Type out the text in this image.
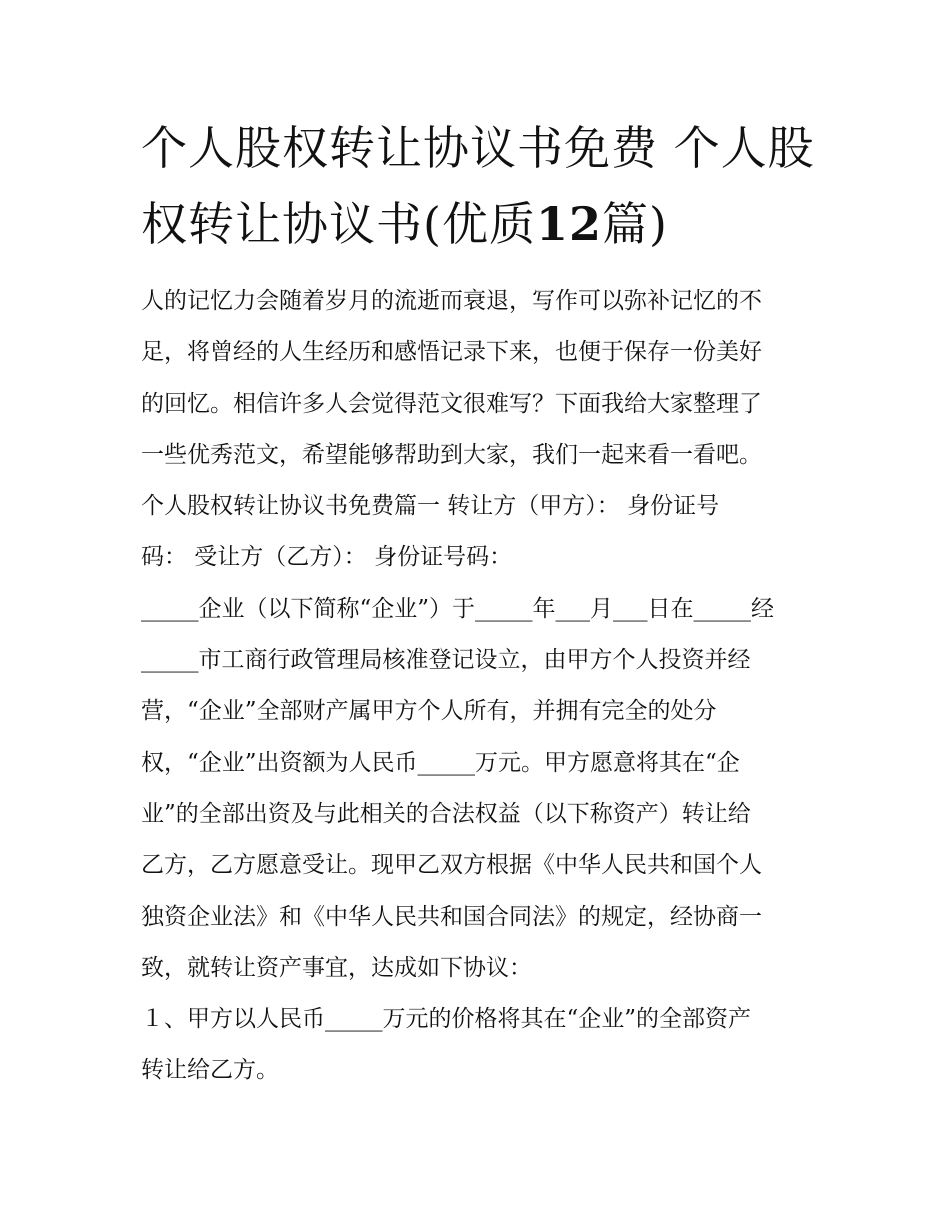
个人股权转让协议书免费 个人股权转让协议书(优质12篇)
人的记忆力会随着岁月的流逝而衰退，写作可以弥补记忆的不
足，将曾经的人生经历和感悟记录下来，也便于保存一份美好
的回忆。相信许多人会觉得范文很难写？下面我给大家整理了
一些优秀范文，希望能够帮助到大家，我们一起来看一看吧。
个人股权转让协议书免费篇一 转让方（甲方）： 身份证号
码： 受让方（乙方）： 身份证号码：
_____企业（以下简称“企业”）于_____年___月___日在_____经
_____市工商行政管理局核准登记设立，由甲方个人投资并经
营，“企业”全部财产属甲方个人所有，并拥有完全的处分
权，“企业”出资额为人民币_____万元。甲方愿意将其在“企
业”的全部出资及与此相关的合法权益（以下称资产）转让给
乙方，乙方愿意受让。现甲乙双方根据《中华人民共和国个人
独资企业法》和《中华人民共和国合同法》的规定，经协商一
致，就转让资产事宜，达成如下协议：
１、甲方以人民币_____万元的价格将其在“企业”的全部资产
转让给乙方。
